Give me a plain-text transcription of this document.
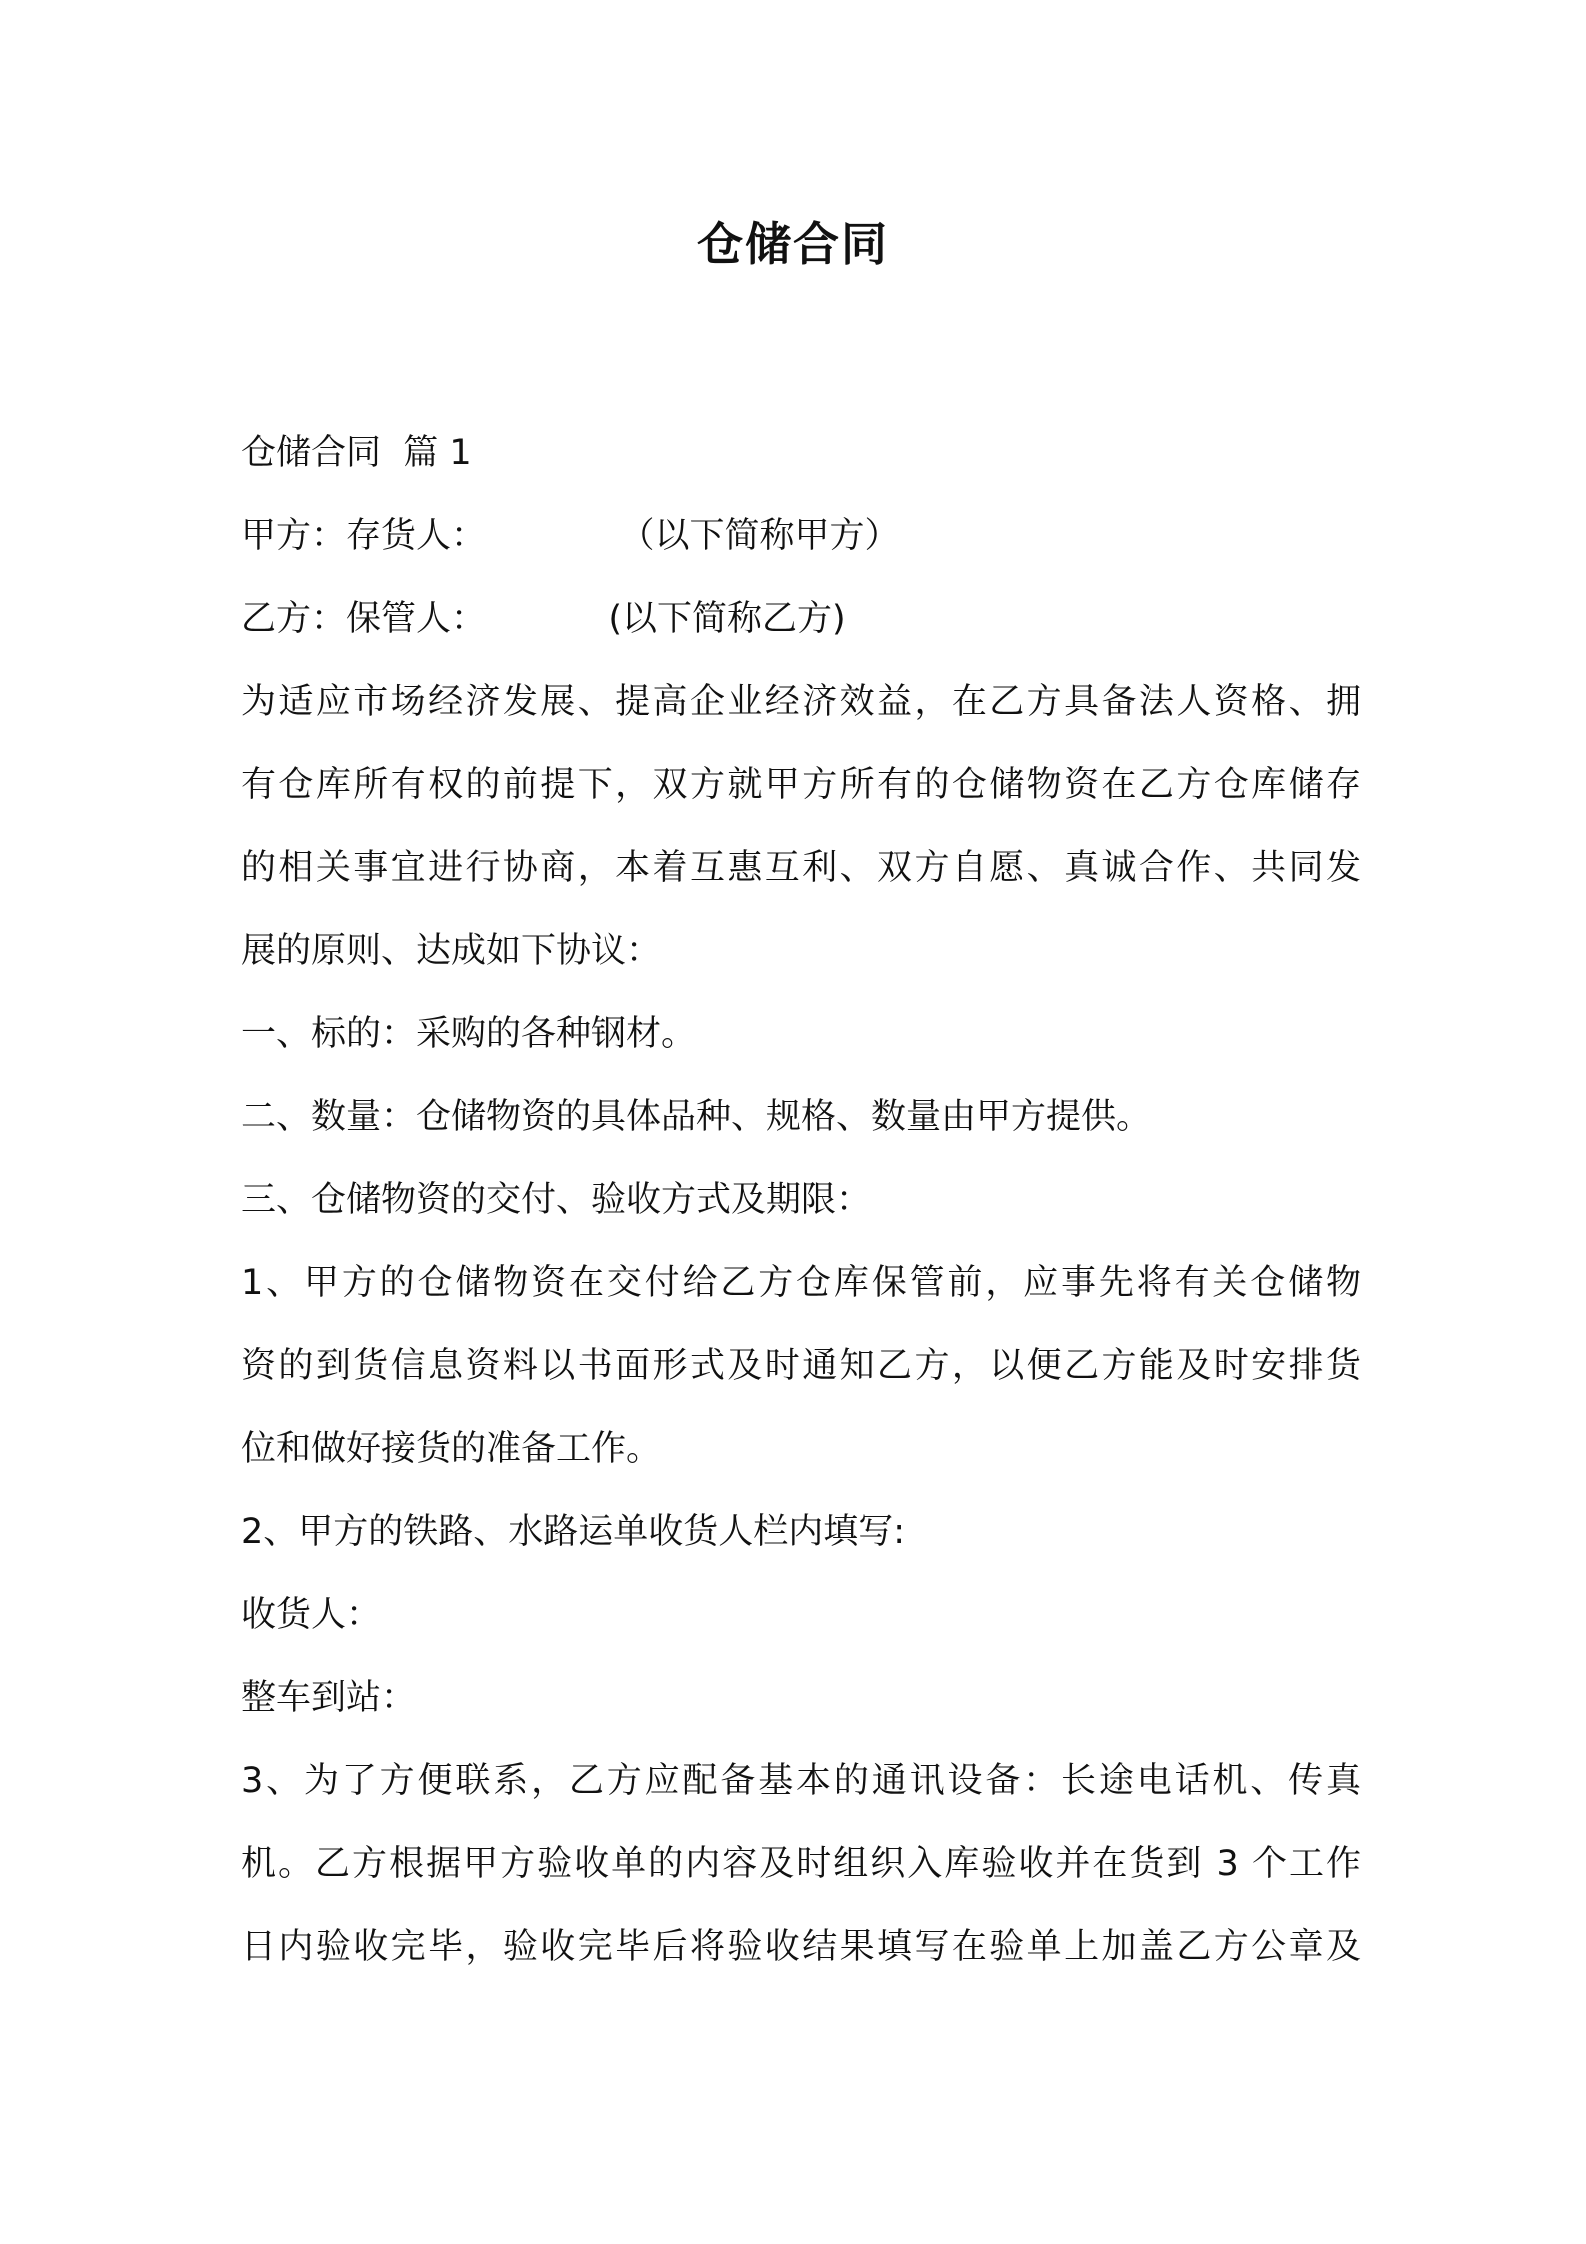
仓储合同
仓储合同  篇 1
甲方：存货人：            （以下简称甲方）
乙方：保管人：           (以下简称乙方)
为适应市场经济发展、提高企业经济效益，在乙方具备法人资格、拥
有仓库所有权的前提下，双方就甲方所有的仓储物资在乙方仓库储存
的相关事宜进行协商，本着互惠互利、双方自愿、真诚合作、共同发
展的原则、达成如下协议：
一、标的：采购的各种钢材。
二、数量：仓储物资的具体品种、规格、数量由甲方提供。
三、仓储物资的交付、验收方式及期限：
1、甲方的仓储物资在交付给乙方仓库保管前，应事先将有关仓储物
资的到货信息资料以书面形式及时通知乙方，以便乙方能及时安排货
位和做好接货的准备工作。
2、甲方的铁路、水路运单收货人栏内填写:
收货人：
整车到站：
3、为了方便联系，乙方应配备基本的通讯设备：长途电话机、传真
机。乙方根据甲方验收单的内容及时组织入库验收并在货到 3 个工作
日内验收完毕，验收完毕后将验收结果填写在验单上加盖乙方公章及
